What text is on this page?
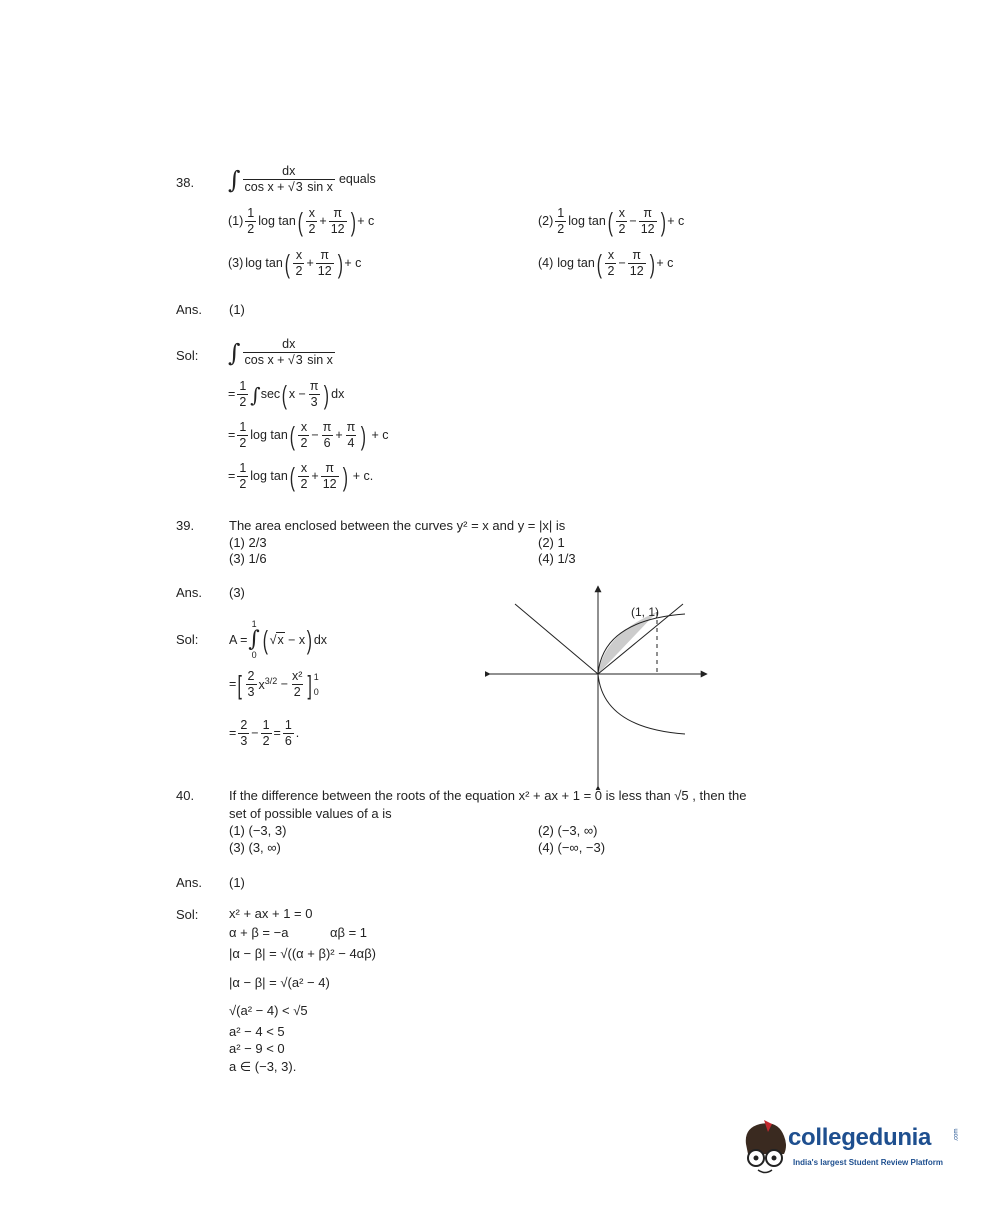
38. ∫ $\frac{dx}{\text{cos x + √3 sin x}}$ equals
$(1) \frac{1}{2}$ log tan ( $\frac{x}{2} + \frac{\pi}{12}$ ) + c	$(2) \frac{1}{2}$ log tan ( $\frac{x}{2} - \frac{\pi}{12}$ ) + c
(3) log tan ( $\frac{x}{2} + \frac{\pi}{12}$ ) + c	(4) log tan ( $\frac{x}{2} - \frac{\pi}{12}$ ) + c
Ans. (1)
Sol: ∫ $\frac{dx}{\text{cos x + √3 sin x}}$
= $\frac{1}{2}$ ∫ sec ( $x - \frac{\pi}{3}$ ) dx
= $\frac{1}{2}$ log tan ( $\frac{x}{2} - \frac{\pi}{6} + \frac{\pi}{4}$ ) + c
= $\frac{1}{2}$ log tan ( $\frac{x}{2} + \frac{\pi}{12}$ ) + c.
39.	The area enclosed between the curves y² = x and y = |x| is
(1) 2/3	(2) 1
(3) 1/6	(4) 1/3
Ans. (3)
Sol: A =
1
∫
0 ( √x − x ) dx
= [ $\frac{2}{3} x^{3/2} - \frac{\text{x²}}{2}$ ] 1
0
= $\frac{2}{3} - \frac{1}{2} = \frac{1}{6}$ .
(1, 1)
40.	If the difference between the roots of the equation x² + ax + 1 = 0 is less than √5 , then the
set of possible values of a is
(1) (−3, 3)	(2) (−3, ∞)
(3) (3, ∞)	(4) (−∞, −3)
Ans. (1)
Sol: x² + ax + 1 = 0
α + β = −a	αβ = 1
|α − β| = √((α + β)² − 4αβ)
|α − β| = √(a² − 4)
√(a² − 4) < √5
a² − 4 < 5
a² − 9 < 0
a ∈ (−3, 3).
collegedunia	.com
India's largest Student Review Platform
